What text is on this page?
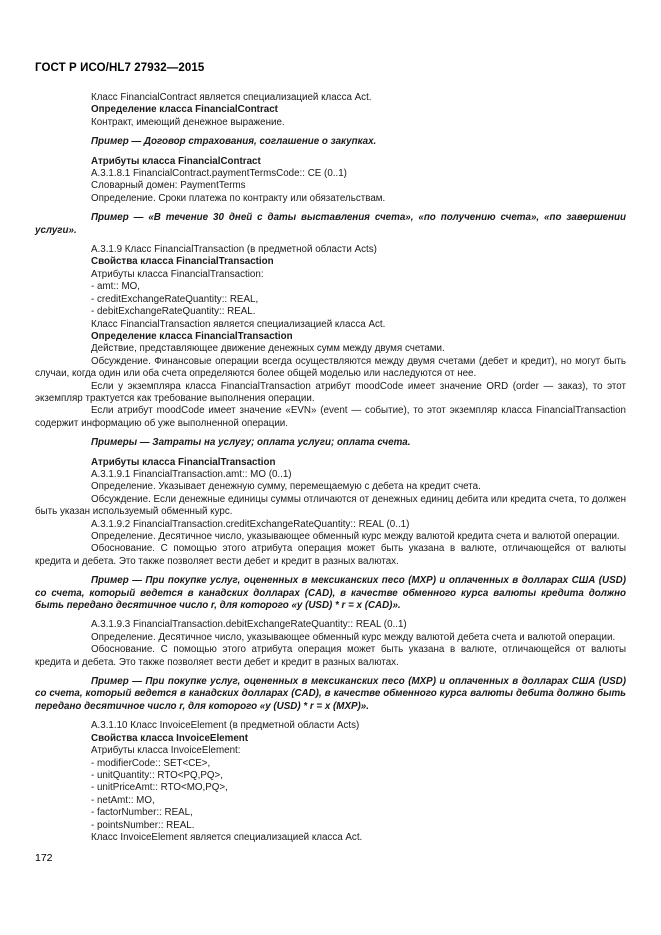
ГОСТ Р ИСО/HL7 27932—2015

Класс FinancialContract является специализацией класса Act.

Определение класса FinancialContract

Контракт, имеющий денежное выражение.

Пример — Договор страхования, соглашение о закупках.

Атрибуты класса FinancialContract

A.3.1.8.1 FinancialContract.paymentTermsCode:: CE (0..1)

Словарный домен: PaymentTerms

Определение. Сроки платежа по контракту или обязательствам.

Пример — «В течение 30 дней с даты выставления счета», «по получению счета», «по завершении услуги».

A.3.1.9 Класс FinancialTransaction (в предметной области Acts)

Свойства класса FinancialTransaction

Атрибуты класса FinancialTransaction:

- amt:: MO,

- creditExchangeRateQuantity:: REAL,

- debitExchangeRateQuantity:: REAL.

Класс FinancialTransaction является специализацией класса Act.

Определение класса FinancialTransaction

Действие, представляющее движение денежных сумм между двумя счетами.

Обсуждение. Финансовые операции всегда осуществляются между двумя счетами (дебет и кредит), но могут быть случаи, когда один или оба счета определяются более общей моделью или наследуются от нее.

Если у экземпляра класса FinancialTransaction атрибут moodCode имеет значение ORD (order — заказ), то этот экземпляр трактуется как требование выполнения операции.

Если атрибут moodCode имеет значение «EVN» (event — событие), то этот экземпляр класса FinancialTransaction содержит информацию об уже выполненной операции.

Примеры — Затраты на услугу; оплата услуги; оплата счета.

Атрибуты класса FinancialTransaction

A.3.1.9.1 FinancialTransaction.amt:: MO (0..1)

Определение. Указывает денежную сумму, перемещаемую с дебета на кредит счета.

Обсуждение. Если денежные единицы суммы отличаются от денежных единиц дебита или кредита счета, то должен быть указан используемый обменный курс.

A.3.1.9.2 FinancialTransaction.creditExchangeRateQuantity:: REAL (0..1)

Определение. Десятичное число, указывающее обменный курс между валютой кредита счета и валютой операции.

Обоснование. С помощью этого атрибута операция может быть указана в валюте, отличающейся от валюты кредита и дебета. Это также позволяет вести дебет и кредит в разных валютах.

Пример — При покупке услуг, оцененных в мексиканских песо (MXP) и оплаченных в долларах США (USD) со счета, который ведется в канадских долларах (CAD), в качестве обменного курса валюты кредита должно быть передано десятичное число r, для которого «y (USD) * r = x (CAD)».

A.3.1.9.3 FinancialTransaction.debitExchangeRateQuantity:: REAL (0..1)

Определение. Десятичное число, указывающее обменный курс между валютой дебета счета и валютой операции.

Обоснование. С помощью этого атрибута операция может быть указана в валюте, отличающейся от валюты кредита и дебета. Это также позволяет вести дебет и кредит в разных валютах.

Пример — При покупке услуг, оцененных в мексиканских песо (MXP) и оплаченных в долларах США (USD) со счета, который ведется в канадских долларах (CAD), в качестве обменного курса валюты дебита должно быть передано десятичное число r, для которого «y (USD) * r = x (MXP)».

A.3.1.10 Класс InvoiceElement (в предметной области Acts)

Свойства класса InvoiceElement

Атрибуты класса InvoiceElement:

- modifierCode:: SET<CE>,

- unitQuantity:: RTO<PQ,PQ>,

- unitPriceAmt:: RTO<MO,PQ>,

- netAmt:: MO,

- factorNumber:: REAL,

- pointsNumber:: REAL.

Класс InvoiceElement является специализацией класса Act.

172
